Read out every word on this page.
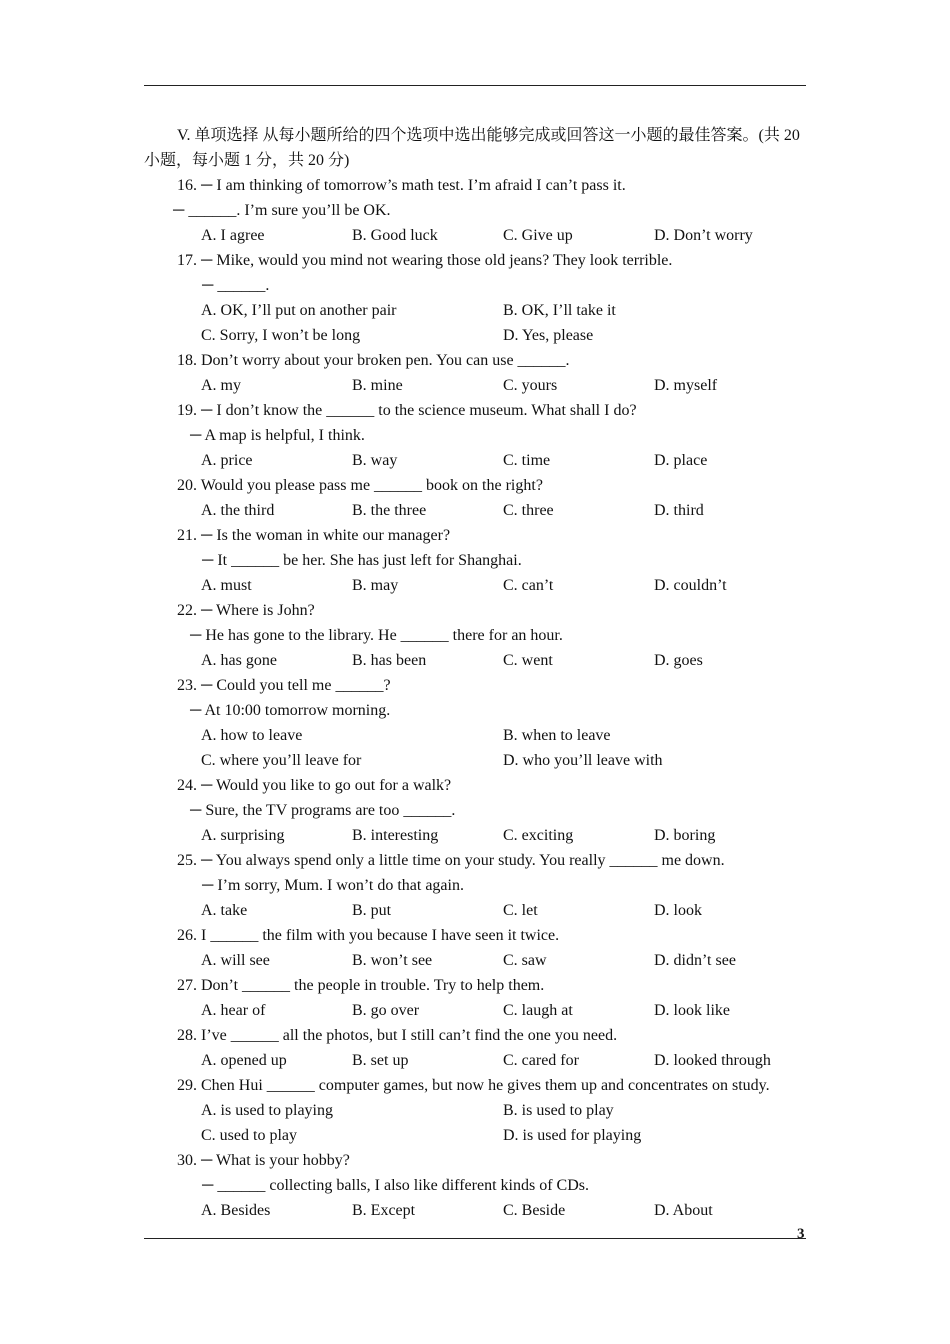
V. 单项选择 从每小题所给的四个选项中选出能够完成或回答这一小题的最佳答案。(共 20 小题，每小题 1 分，共 20 分)
16. ─ I am thinking of tomorrow’s math test. I’m afraid I can’t pass it.
─ ______. I’m sure you’ll be OK.
A. I agree	B. Good luck	C. Give up	D. Don’t worry
17. ─ Mike, would you mind not wearing those old jeans? They look terrible.
─ ______.
A. OK, I’ll put on another pair	B. OK, I’ll take it
C. Sorry, I won’t be long	D. Yes, please
18. Don’t worry about your broken pen. You can use ______.
A. my	B. mine	C. yours	D. myself
19. ─ I don’t know the ______ to the science museum. What shall I do?
─ A map is helpful, I think.
A. price	B. way	C. time	D. place
20. Would you please pass me ______ book on the right?
A. the third	B. the three	C. three	D. third
21. ─ Is the woman in white our manager?
─ It ______ be her. She has just left for Shanghai.
A. must	B. may	C. can’t	D. couldn’t
22. ─ Where is John?
─ He has gone to the library. He ______ there for an hour.
A. has gone	B. has been	C. went	D. goes
23. ─ Could you tell me ______?
─ At 10:00 tomorrow morning.
A. how to leave	B. when to leave
C. where you’ll leave for	D. who you’ll leave with
24. ─ Would you like to go out for a walk?
─ Sure, the TV programs are too ______.
A. surprising	B. interesting	C. exciting	D. boring
25. ─ You always spend only a little time on your study. You really ______ me down.
─ I’m sorry, Mum. I won’t do that again.
A. take	B. put	C. let	D. look
26. I ______ the film with you because I have seen it twice.
A. will see	B. won’t see	C. saw	D. didn’t see
27. Don’t ______ the people in trouble. Try to help them.
A. hear of	B. go over	C. laugh at	D. look like
28. I’ve ______ all the photos, but I still can’t find the one you need.
A. opened up	B. set up	C. cared for	D. looked through
29. Chen Hui ______ computer games, but now he gives them up and concentrates on study.
A. is used to playing	B. is used to play
C. used to play	D. is used for playing
30. ─ What is your hobby?
─ ______ collecting balls, I also like different kinds of CDs.
A. Besides	B. Except	C. Beside	D. About
3
